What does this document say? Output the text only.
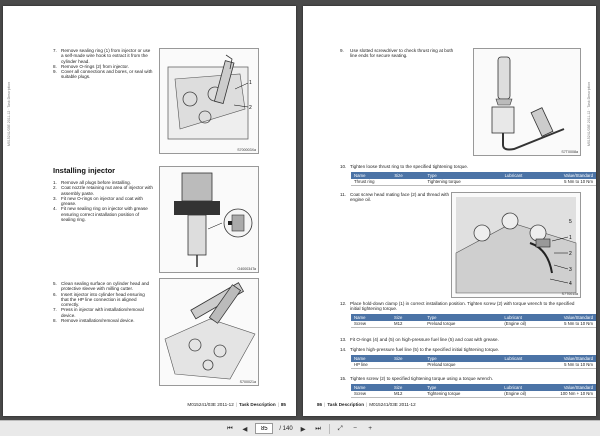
M015241/03E 2011-12 · Task Description
7. Remove sealing ring (1) from injector or use a self-made wire hook to extract it from the cylinder head.
8. Remove O-rings (2) from injector.
9. Cover all connections and bores, or seal with suitable plugs.
1
2
S700003Xa
Installing injector
1. Remove all plugs before installing.
2. Coat nozzle retaining nut area of injector with assembly paste.
3. Fit new O-rings on injector and coat with grease.
4. Fit new sealing ring on injector with grease ensuring correct installation position of sealing ring.
O400034Ta
5. Clean sealing surface on cylinder head and protective sleeve with milling cutter.
6. Insert injector into cylinder head ensuring that the HP line connection is aligned correctly.
7. Press in injector with installation/removal device.
8. Remove installation/removal device.
S700021a
M015241/03E 2011-12 | Task Description | 85
M015241/03E 2011-12 · Task Description
9.	Use slotted screwdriver to check thrust ring at both line ends for secure seating.
S7T0008a
10. Tighten loose thrust ring to the specified tightening torque.
Name	Size	Type	Lubricant	Value/Standard
Thrust ring		Tightening torque		5 Nm to 10 Nm
11. Coat screw head mating face (2) and thread with engine oil.
1
2
3
4
5
S7T0011a
12. Place hold-down clamp (1) in correct installation position. Tighten screw (2) with torque wrench to the specified initial tightening torque.
Name	Size	Type	Lubricant	Value/Standard
Screw	M12	Preload torque	(Engine oil)	5 Nm to 10 Nm
13. Fit O-rings (4) and (5) on high-pressure fuel line (5) and coat with grease.
14. Tighten high-pressure fuel line (5) to the specified initial tightening torque.
Name	Size	Type	Lubricant	Value/Standard
HP line		Preload torque		5 Nm to 10 Nm
15. Tighten screw (2) to specified tightening torque using a torque wrench.
Name	Size	Type	Lubricant	Value/Standard
Screw	M12	Tightening torque	(Engine oil)	100 Nm + 10 Nm
86 | Task Description | M015241/03E 2011-12
⏮	◀
85	/ 140	▶	⏭	⤢	−	+
